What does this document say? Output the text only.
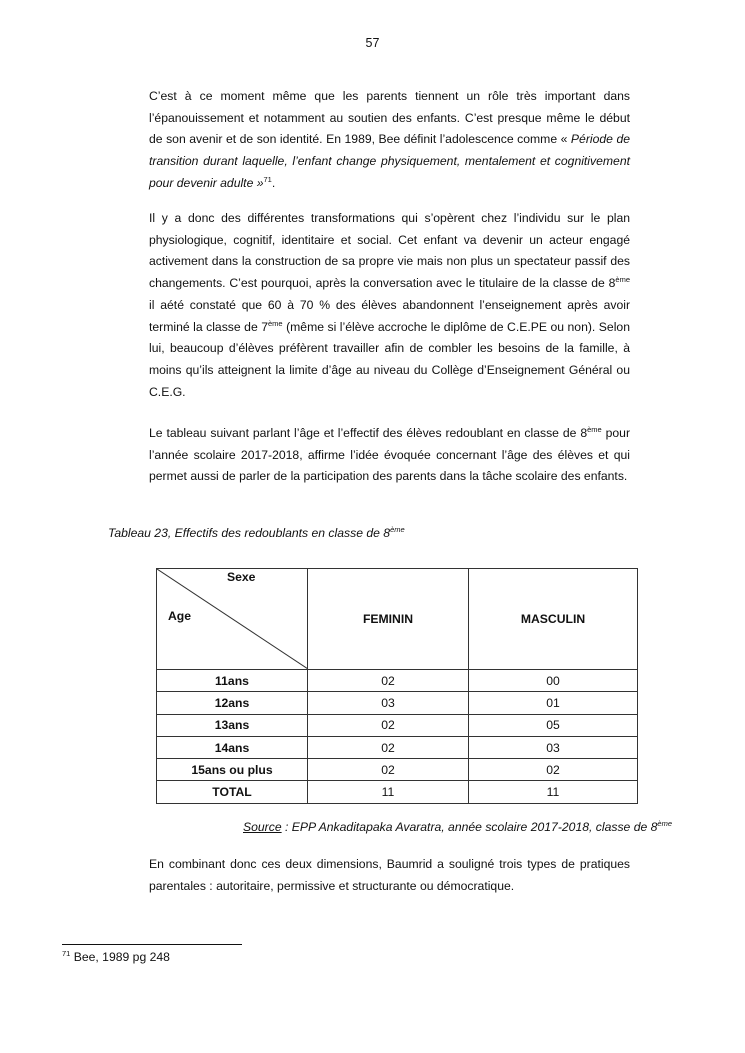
57

C’est à ce moment même que les parents tiennent un rôle très important dans l’épanouissement et notamment au soutien des enfants. C’est presque même le début de son avenir et de son identité. En 1989, Bee définit l’adolescence comme « Période de transition durant laquelle, l’enfant change physiquement, mentalement et cognitivement pour devenir adulte »$^{71}$.

Il y a donc des différentes transformations qui s’opèrent chez l’individu sur le plan physiologique, cognitif, identitaire et social. Cet enfant va devenir un acteur engagé activement dans la construction de sa propre vie mais non plus un spectateur passif des changements. C’est pourquoi, après la conversation avec le titulaire de la classe de 8ème il aété constaté que 60 à 70 % des élèves abandonnent l’enseignement après avoir terminé la classe de 7ème (même si l’élève accroche le diplôme de C.E.PE ou non). Selon lui, beaucoup d’élèves préfèrent travailler afin de combler les besoins de la famille, à moins qu’ils atteignent la limite d’âge au niveau du Collège d’Enseignement Général ou C.E.G.

Le tableau suivant parlant l’âge et l’effectif des élèves redoublant en classe de 8ème pour l’année scolaire 2017-2018, affirme l’idée évoquée concernant l’âge des élèves et qui permet aussi de parler de la participation des parents dans la tâche scolaire des enfants.

Tableau 23, Effectifs des redoublants en classe de 8ème
Sexe
Age	FEMININ	MASCULIN
11ans	02	00
12ans	03	01
13ans	02	05
14ans	02	03
15ans ou plus	02	02
TOTAL	11	11
Source : EPP Ankaditapaka Avaratra, année scolaire 2017-2018, classe de 8ème

En combinant donc ces deux dimensions, Baumrid a souligné trois types de pratiques parentales : autoritaire, permissive et structurante ou démocratique.

$^{71}$ Bee, 1989 pg 248
